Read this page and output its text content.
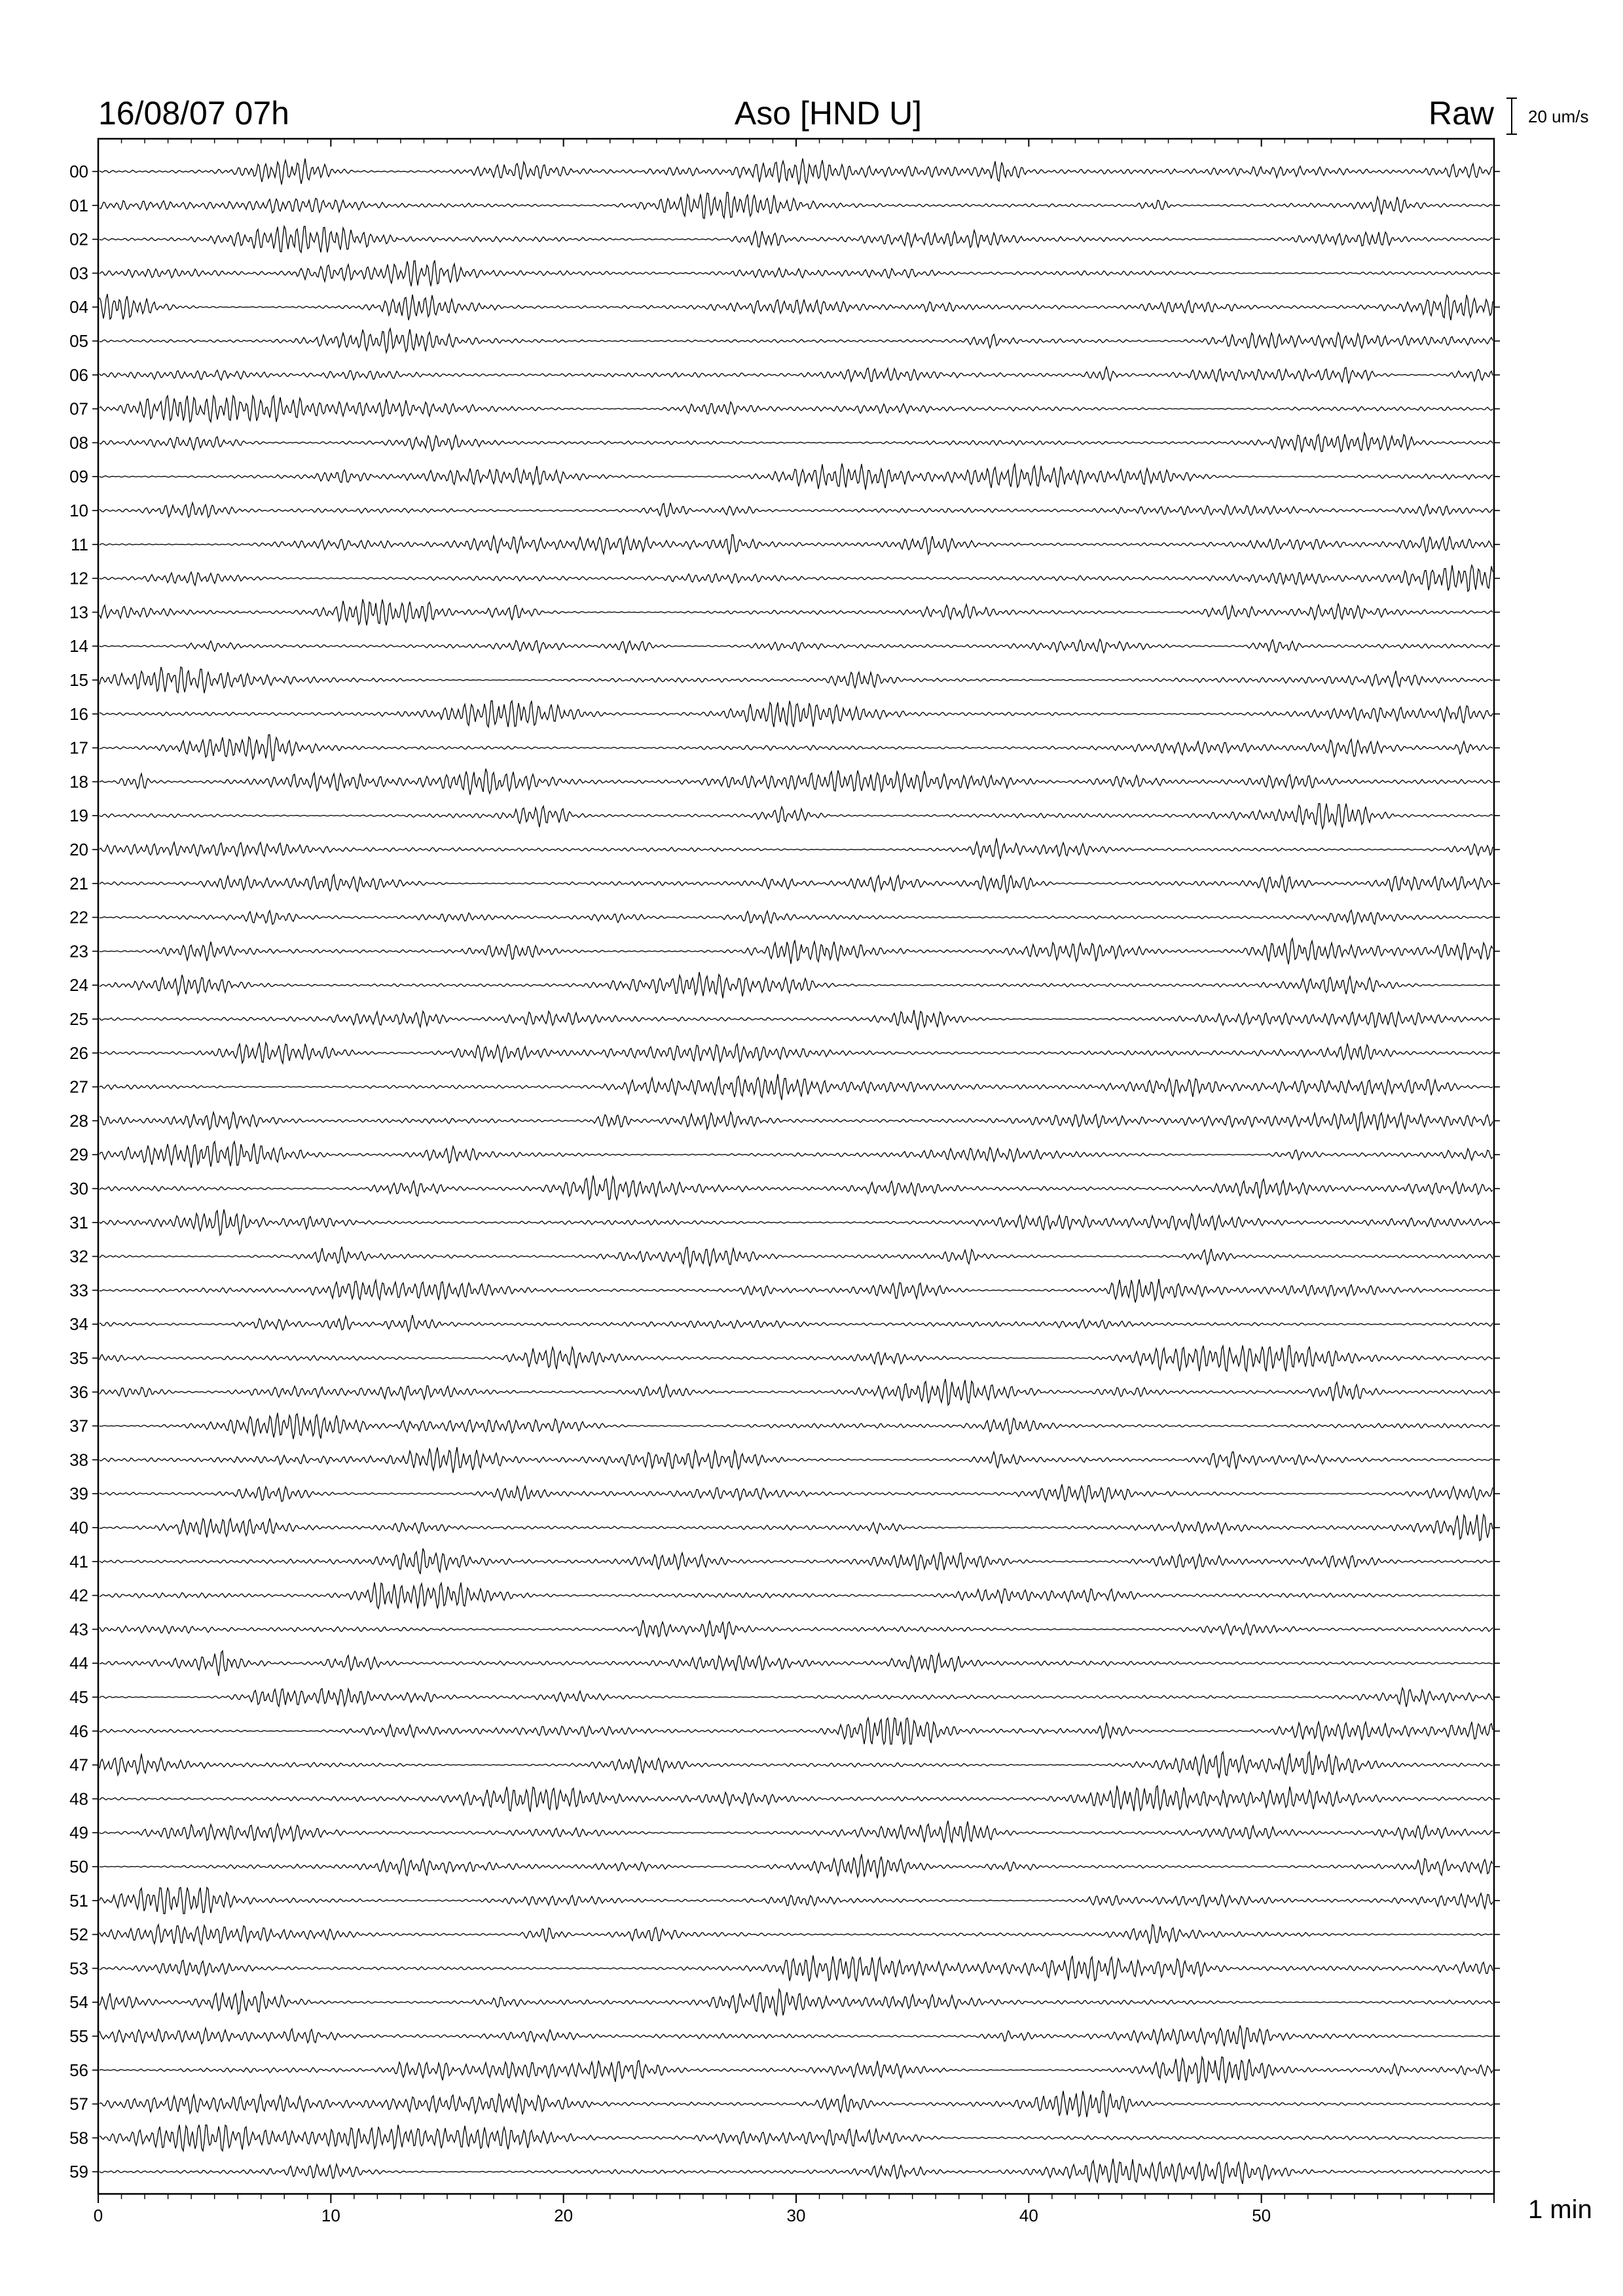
16/08/07 07h	Aso [HND U]	Raw 20 um/s
1 min
0	10	20	30	40	50
00
01
02
03
04
05
06
07
08
09
10
11
12
13
14
15
16
17
18
19
20
21
22
23
24
25
26
27
28
29
30
31
32
33
34
35
36
37
38
39
40
41
42
43
44
45
46
47
48
49
50
51
52
53
54
55
56
57
58
59
